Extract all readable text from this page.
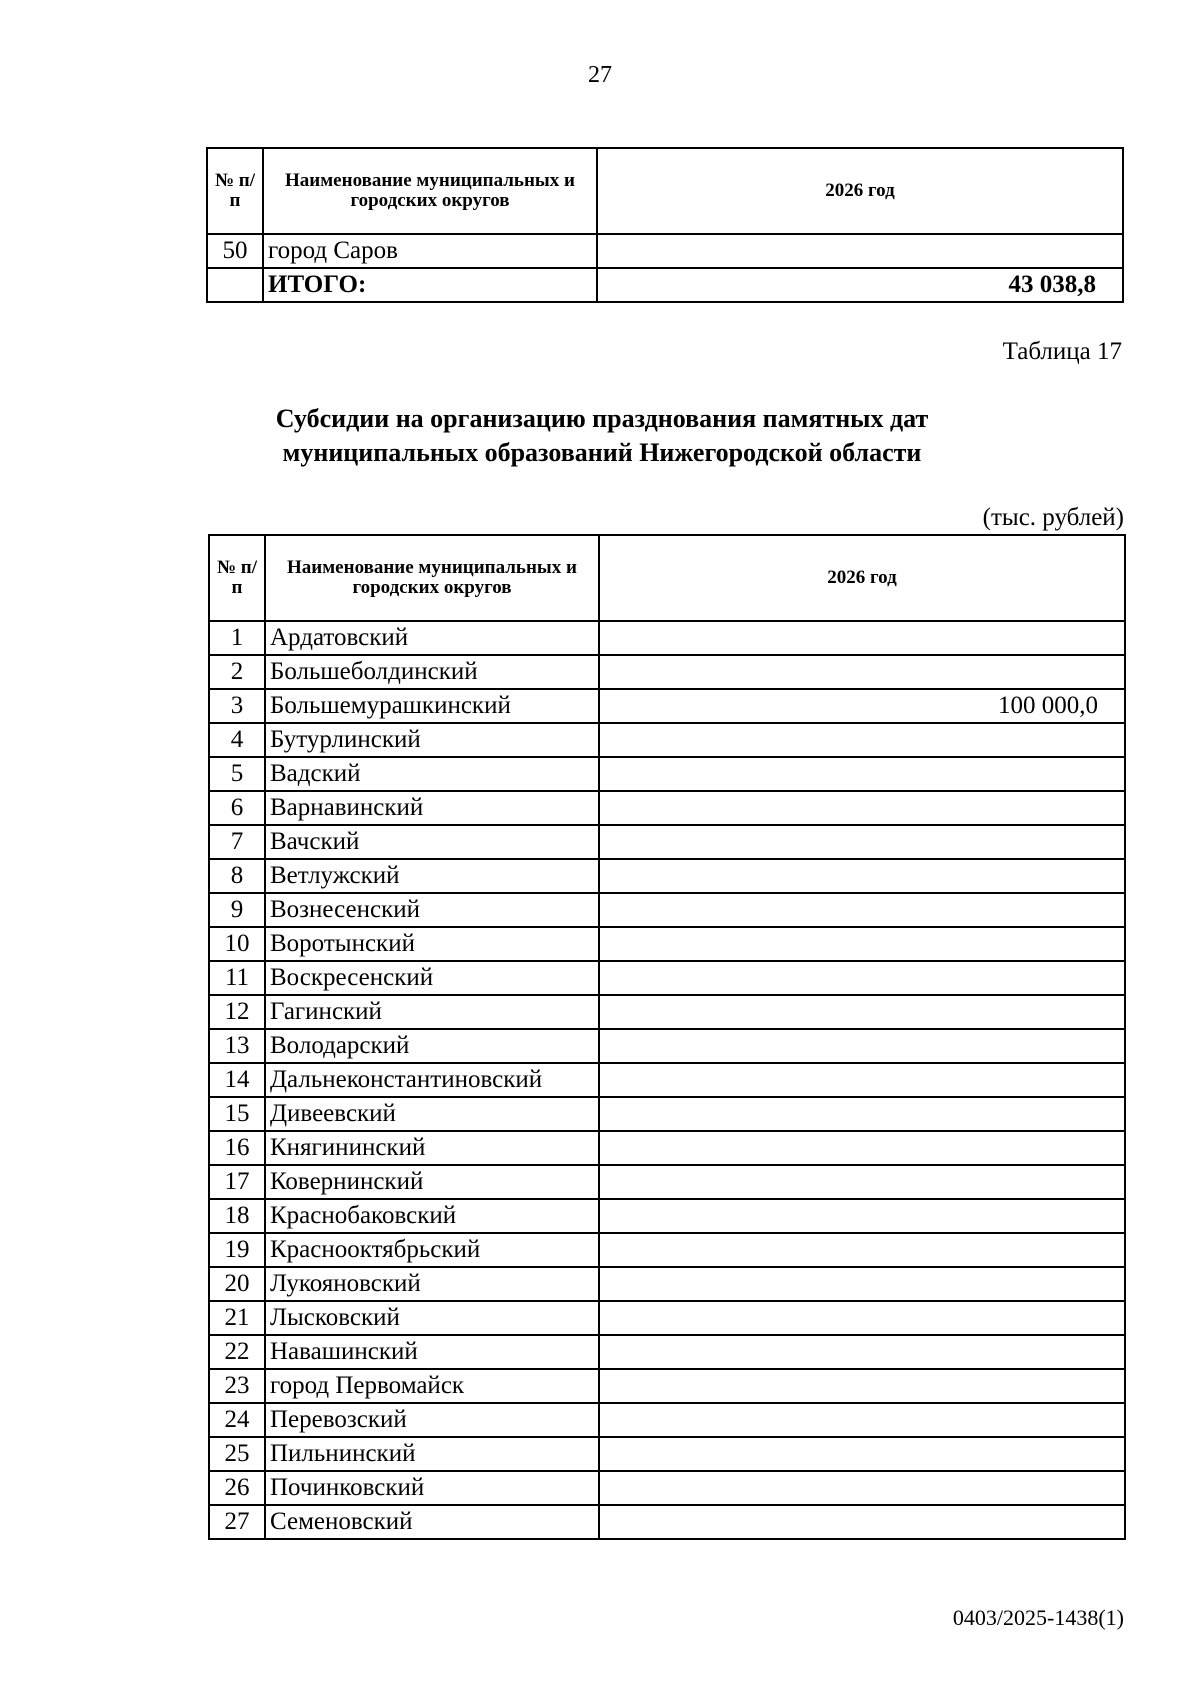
27
№ п/п	Наименование муниципальных и городских округов	2026 год
50	город Саров	
	ИТОГО:	43 038,8
Таблица 17
Субсидии на организацию празднования памятных дат
муниципальных образований Нижегородской области
(тыс. рублей)
№ п/п	Наименование муниципальных и городских округов	2026 год
1	Ардатовский	
2	Большеболдинский	
3	Большемурашкинский	100 000,0
4	Бутурлинский	
5	Вадский	
6	Варнавинский	
7	Вачский	
8	Ветлужский	
9	Вознесенский	
10	Воротынский	
11	Воскресенский	
12	Гагинский	
13	Володарский	
14	Дальнеконстантиновский	
15	Дивеевский	
16	Княгининский	
17	Ковернинский	
18	Краснобаковский	
19	Краснооктябрьский	
20	Лукояновский	
21	Лысковский	
22	Навашинский	
23	город Первомайск	
24	Перевозский	
25	Пильнинский	
26	Починковский	
27	Семеновский	
0403/2025-1438(1)
